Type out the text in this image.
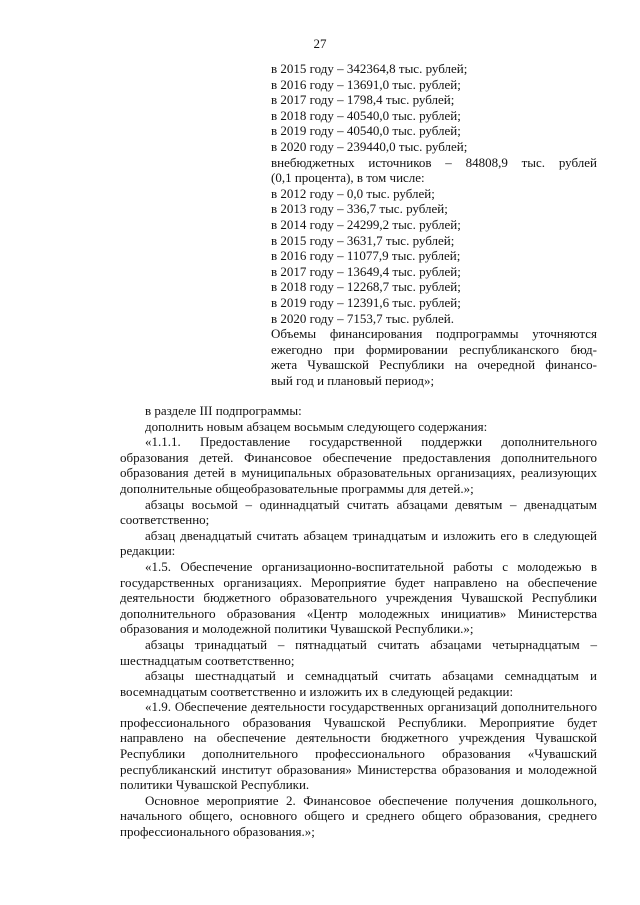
27

в 2015 году – 342364,8 тыс. рублей;

в 2016 году – 13691,0 тыс. рублей;

в 2017 году – 1798,4 тыс. рублей;

в 2018 году – 40540,0 тыс. рублей;

в 2019 году – 40540,0 тыс. рублей;

в 2020 году – 239440,0 тыс. рублей;

внебюджетных источников – 84808,9 тыс. рублей

(0,1 процента), в том числе:

в 2012 году – 0,0 тыс. рублей;

в 2013 году – 336,7 тыс. рублей;

в 2014 году – 24299,2 тыс. рублей;

в 2015 году – 3631,7 тыс. рублей;

в 2016 году – 11077,9 тыс. рублей;

в 2017 году – 13649,4 тыс. рублей;

в 2018 году – 12268,7 тыс. рублей;

в 2019 году – 12391,6 тыс. рублей;

в 2020 году – 7153,7 тыс. рублей.

Объемы финансирования подпрограммы уточняются

ежегодно при формировании республиканского бюд-

жета Чувашской Республики на очередной финансо-

вый год и плановый период»;

в разделе III подпрограммы:

дополнить новым абзацем восьмым следующего содержания:

«1.1.1. Предоставление государственной поддержки дополнительного образования детей. Финансовое обеспечение предоставления дополнительного образования детей в муниципальных образовательных организациях, реализующих дополнительные общеобразовательные программы для детей.»;

абзацы восьмой – одиннадцатый считать абзацами девятым – двенадцатым соответственно;

абзац двенадцатый считать абзацем тринадцатым и изложить его в следующей редакции:

«1.5. Обеспечение организационно-воспитательной работы с молодежью в государственных организациях. Мероприятие будет направлено на обеспечение деятельности бюджетного образовательного учреждения Чувашской Республики дополнительного образования «Центр молодежных инициатив» Министерства образования и молодежной политики Чувашской Республики.»;

абзацы тринадцатый – пятнадцатый считать абзацами четырнадцатым – шестнадцатым соответственно;

абзацы шестнадцатый и семнадцатый считать абзацами семнадцатым и восемнадцатым соответственно и изложить их в следующей редакции:

«1.9. Обеспечение деятельности государственных организаций дополнительного профессионального образования Чувашской Республики. Мероприятие будет направлено на обеспечение деятельности бюджетного учреждения Чувашской Республики дополнительного профессионального образования «Чувашский республиканский институт образования» Министерства образования и молодежной политики Чувашской Республики.

Основное мероприятие 2. Финансовое обеспечение получения дошкольного, начального общего, основного общего и среднего общего образования, среднего профессионального образования.»;
